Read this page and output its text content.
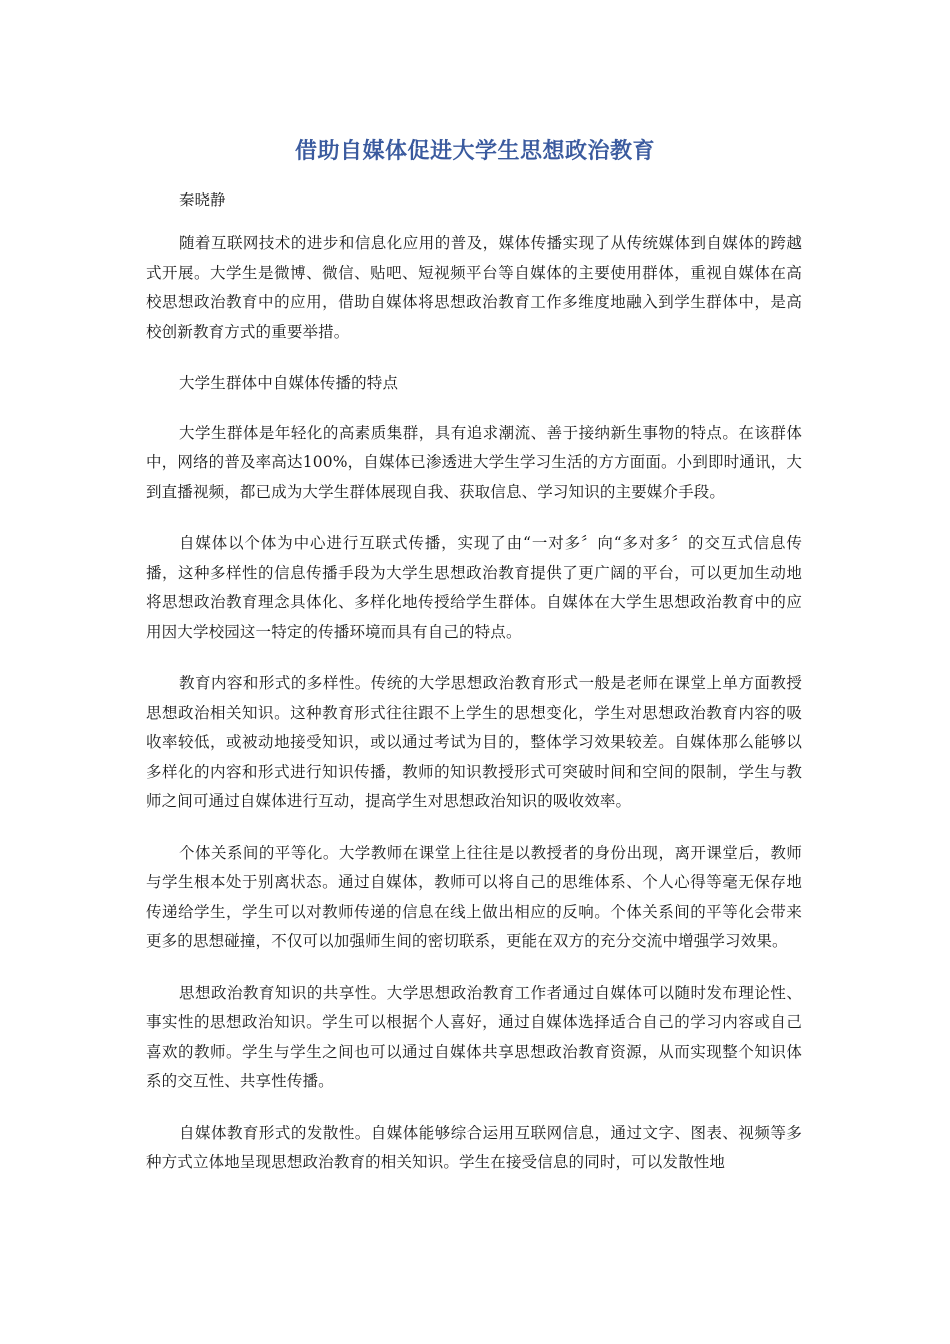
借助自媒体促进大学生思想政治教育
秦晓静

随着互联网技术的进步和信息化应用的普及，媒体传播实现了从传统媒体到自媒体的跨越式开展。大学生是微博、微信、贴吧、短视频平台等自媒体的主要使用群体，重视自媒体在高校思想政治教育中的应用，借助自媒体将思想政治教育工作多维度地融入到学生群体中，是高校创新教育方式的重要举措。

大学生群体中自媒体传播的特点

大学生群体是年轻化的高素质集群，具有追求潮流、善于接纳新生事物的特点。在该群体中，网络的普及率高达100%，自媒体已渗透进大学生学习生活的方方面面。小到即时通讯，大到直播视频，都已成为大学生群体展现自我、获取信息、学习知识的主要媒介手段。

自媒体以个体为中心进行互联式传播，实现了由“一对多〞向“多对多〞的交互式信息传播，这种多样性的信息传播手段为大学生思想政治教育提供了更广阔的平台，可以更加生动地将思想政治教育理念具体化、多样化地传授给学生群体。自媒体在大学生思想政治教育中的应用因大学校园这一特定的传播环境而具有自己的特点。

教育内容和形式的多样性。传统的大学思想政治教育形式一般是老师在课堂上单方面教授思想政治相关知识。这种教育形式往往跟不上学生的思想变化，学生对思想政治教育内容的吸收率较低，或被动地接受知识，或以通过考试为目的，整体学习效果较差。自媒体那么能够以多样化的内容和形式进行知识传播，教师的知识教授形式可突破时间和空间的限制，学生与教师之间可通过自媒体进行互动，提高学生对思想政治知识的吸收效率。

个体关系间的平等化。大学教师在课堂上往往是以教授者的身份出现，离开课堂后，教师与学生根本处于别离状态。通过自媒体，教师可以将自己的思维体系、个人心得等毫无保存地传递给学生，学生可以对教师传递的信息在线上做出相应的反响。个体关系间的平等化会带来更多的思想碰撞，不仅可以加强师生间的密切联系，更能在双方的充分交流中增强学习效果。

思想政治教育知识的共享性。大学思想政治教育工作者通过自媒体可以随时发布理论性、事实性的思想政治知识。学生可以根据个人喜好，通过自媒体选择适合自己的学习内容或自己喜欢的教师。学生与学生之间也可以通过自媒体共享思想政治教育资源，从而实现整个知识体系的交互性、共享性传播。

自媒体教育形式的发散性。自媒体能够综合运用互联网信息，通过文字、图表、视频等多种方式立体地呈现思想政治教育的相关知识。学生在接受信息的同时，可以发散性地
